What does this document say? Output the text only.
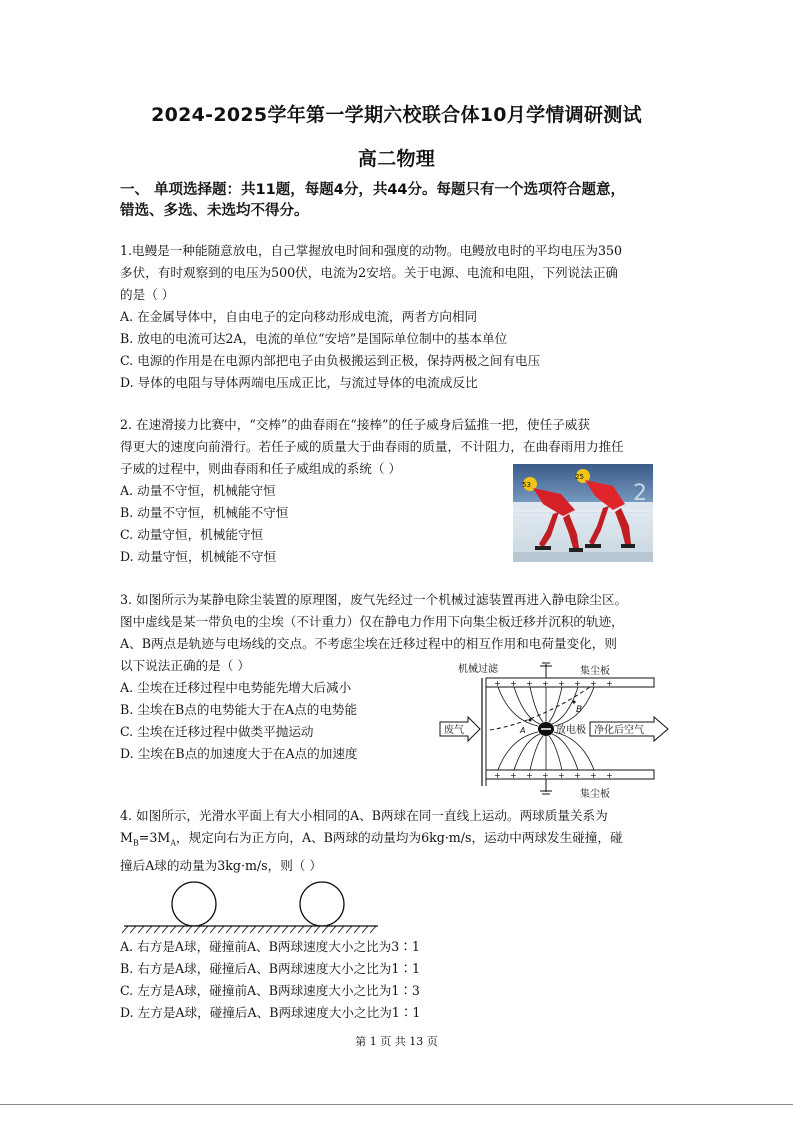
2024-2025学年第一学期六校联合体10月学情调研测试
高二物理
一、 单项选择题：共11题，每题4分，共44分。每题只有一个选项符合题意，
错选、多选、未选均不得分。
1.电鳗是一种能随意放电，自己掌握放电时间和强度的动物。电鳗放电时的平均电压为350
多伏，有时观察到的电压为500伏，电流为2安培。关于电源、电流和电阻，下列说法正确
的是（ ）
A. 在金属导体中，自由电子的定向移动形成电流，两者方向相同
B. 放电的电流可达2A，电流的单位“安培”是国际单位制中的基本单位
C. 电源的作用是在电源内部把电子由负极搬运到正极，保持两极之间有电压
D. 导体的电阻与导体两端电压成正比，与流过导体的电流成反比
2. 在速滑接力比赛中，“交棒”的曲春雨在“接棒”的任子威身后猛推一把，使任子威获
得更大的速度向前滑行。若任子威的质量大于曲春雨的质量，不计阻力，在曲春雨用力推任
子威的过程中，则曲春雨和任子威组成的系统（ ）
A. 动量不守恒，机械能守恒
B. 动量不守恒，机械能不守恒
C. 动量守恒，机械能守恒
D. 动量守恒，机械能不守恒
2
53
25
3. 如图所示为某静电除尘装置的原理图，废气先经过一个机械过滤装置再进入静电除尘区。
图中虚线是某一带负电的尘埃（不计重力）仅在静电力作用下向集尘板迁移并沉积的轨迹，
A、B两点是轨迹与电场线的交点。不考虑尘埃在迁移过程中的相互作用和电荷量变化，则
以下说法正确的是（ ）
A. 尘埃在迁移过程中电势能先增大后减小
B. 尘埃在B点的电势能大于在A点的电势能
C. 尘埃在迁移过程中做类平抛运动
D. 尘埃在B点的加速度大于在A点的加速度
+ + + + + + + +
+ + + + + + + +
机械过滤	集尘板
集尘板
废气	放电极 净化后空气
A
B
4. 如图所示，光滑水平面上有大小相同的A、B两球在同一直线上运动。两球质量关系为
$M_B=3M_A$，规定向右为正方向，A、B两球的动量均为6kg·m/s，运动中两球发生碰撞，碰
撞后A球的动量为3kg·m/s，则（ ）
A. 右方是A球，碰撞前A、B两球速度大小之比为3∶1
B. 右方是A球，碰撞后A、B两球速度大小之比为1∶1
C. 左方是A球，碰撞前A、B两球速度大小之比为1∶3
D. 左方是A球，碰撞后A、B两球速度大小之比为1∶1
第 1 页 共 13 页
